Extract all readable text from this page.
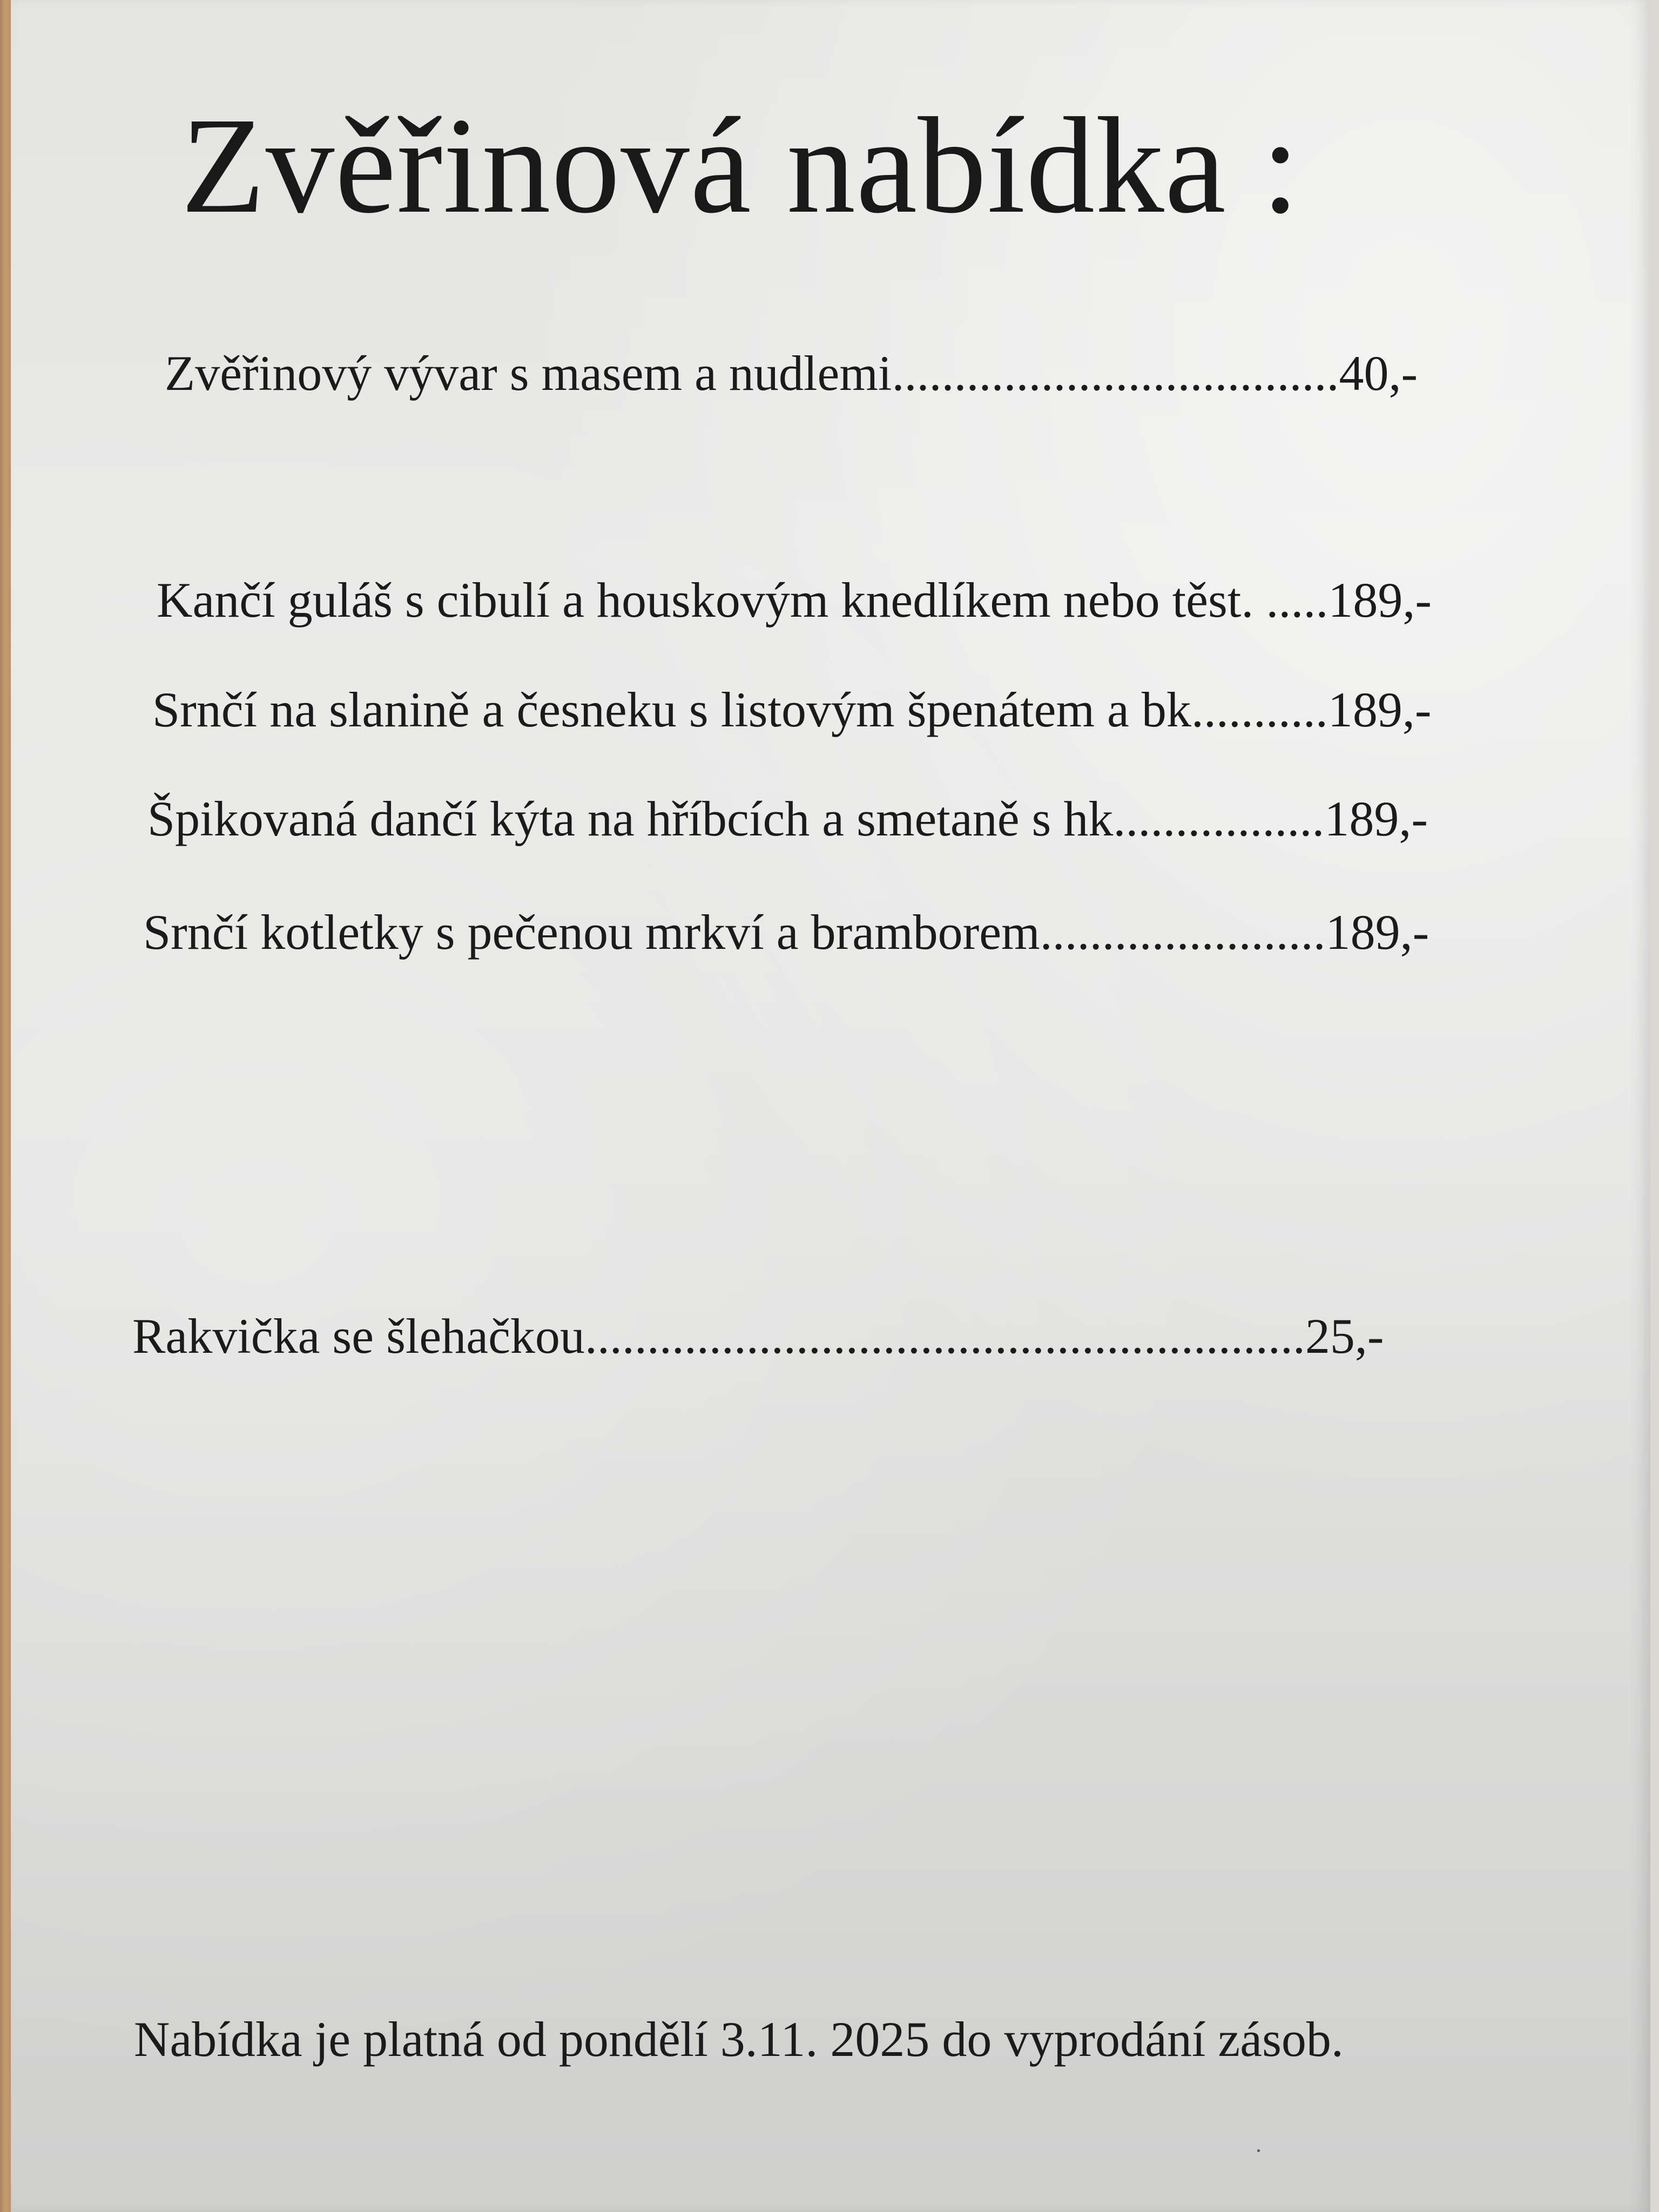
Zvěřinová nabídka :
Zvěřinový vývar s masem a nudlemi....................................40,-
Kančí guláš s cibulí a houskovým knedlíkem nebo těst. .....189,-
Srnčí na slanině a česneku s listovým špenátem a bk...........189,-
Špikovaná dančí kýta na hříbcích a smetaně s hk.................189,-
Srnčí kotletky s pečenou mrkví a bramborem.......................189,-
Rakvička se šlehačkou..........................................................25,-
Nabídka je platná od pondělí 3.11. 2025 do vyprodání zásob.
